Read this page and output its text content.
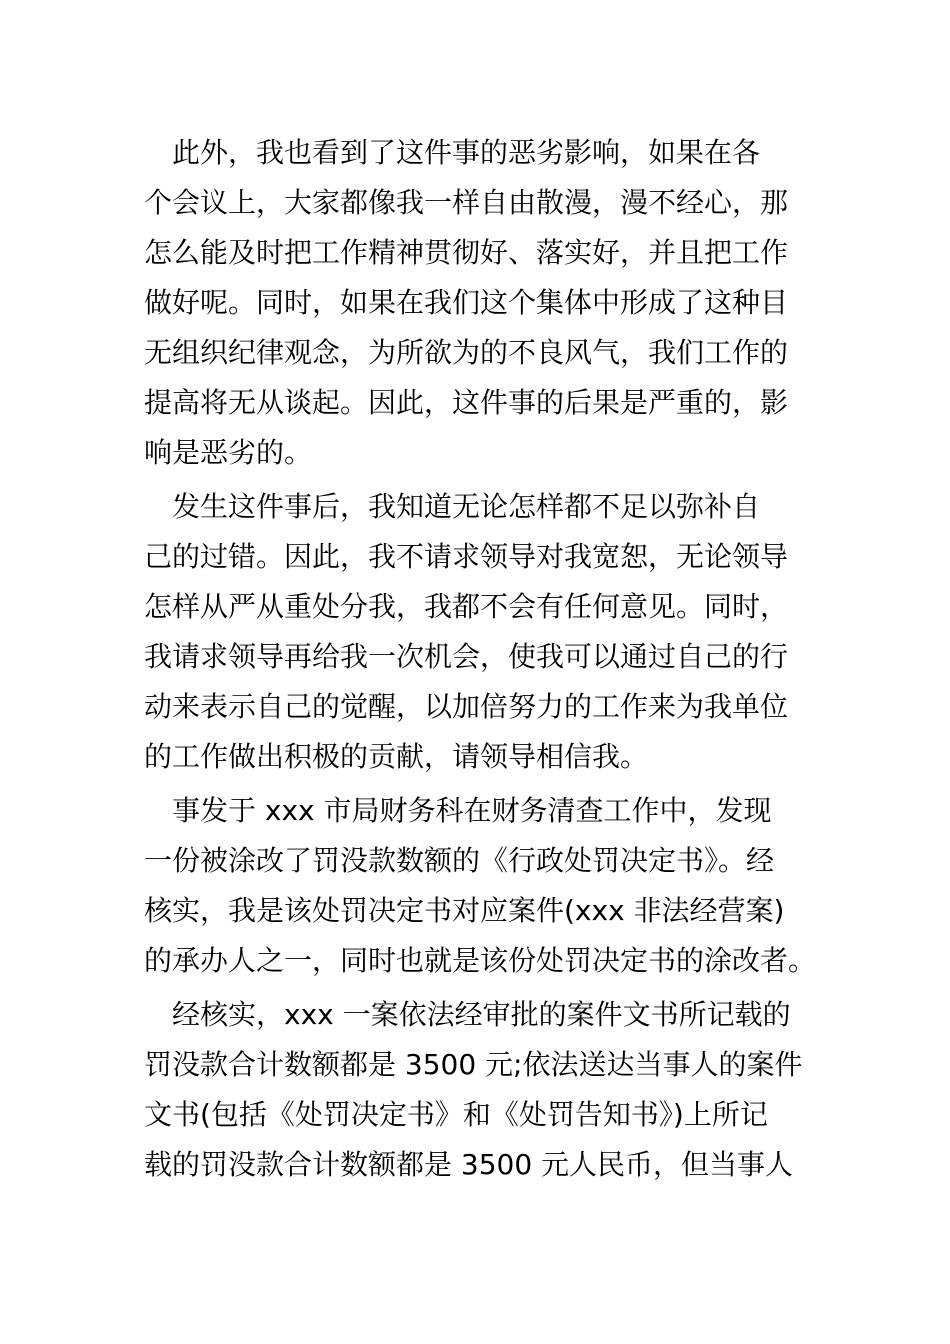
　此外，我也看到了这件事的恶劣影响，如果在各
个会议上，大家都像我一样自由散漫，漫不经心，那
怎么能及时把工作精神贯彻好、落实好，并且把工作
做好呢。同时，如果在我们这个集体中形成了这种目
无组织纪律观念，为所欲为的不良风气，我们工作的
提高将无从谈起。因此，这件事的后果是严重的，影
响是恶劣的。
　发生这件事后，我知道无论怎样都不足以弥补自
己的过错。因此，我不请求领导对我宽恕，无论领导
怎样从严从重处分我，我都不会有任何意见。同时，
我请求领导再给我一次机会，使我可以通过自己的行
动来表示自己的觉醒，以加倍努力的工作来为我单位
的工作做出积极的贡献，请领导相信我。
　事发于 xxx 市局财务科在财务清查工作中，发现
一份被涂改了罚没款数额的《行政处罚决定书》。经
核实，我是该处罚决定书对应案件(xxx 非法经营案)
的承办人之一，同时也就是该份处罚决定书的涂改者。
　经核实，xxx 一案依法经审批的案件文书所记载的
罚没款合计数额都是 3500 元;依法送达当事人的案件
文书(包括《处罚决定书》和《处罚告知书》)上所记
载的罚没款合计数额都是 3500 元人民币，但当事人
